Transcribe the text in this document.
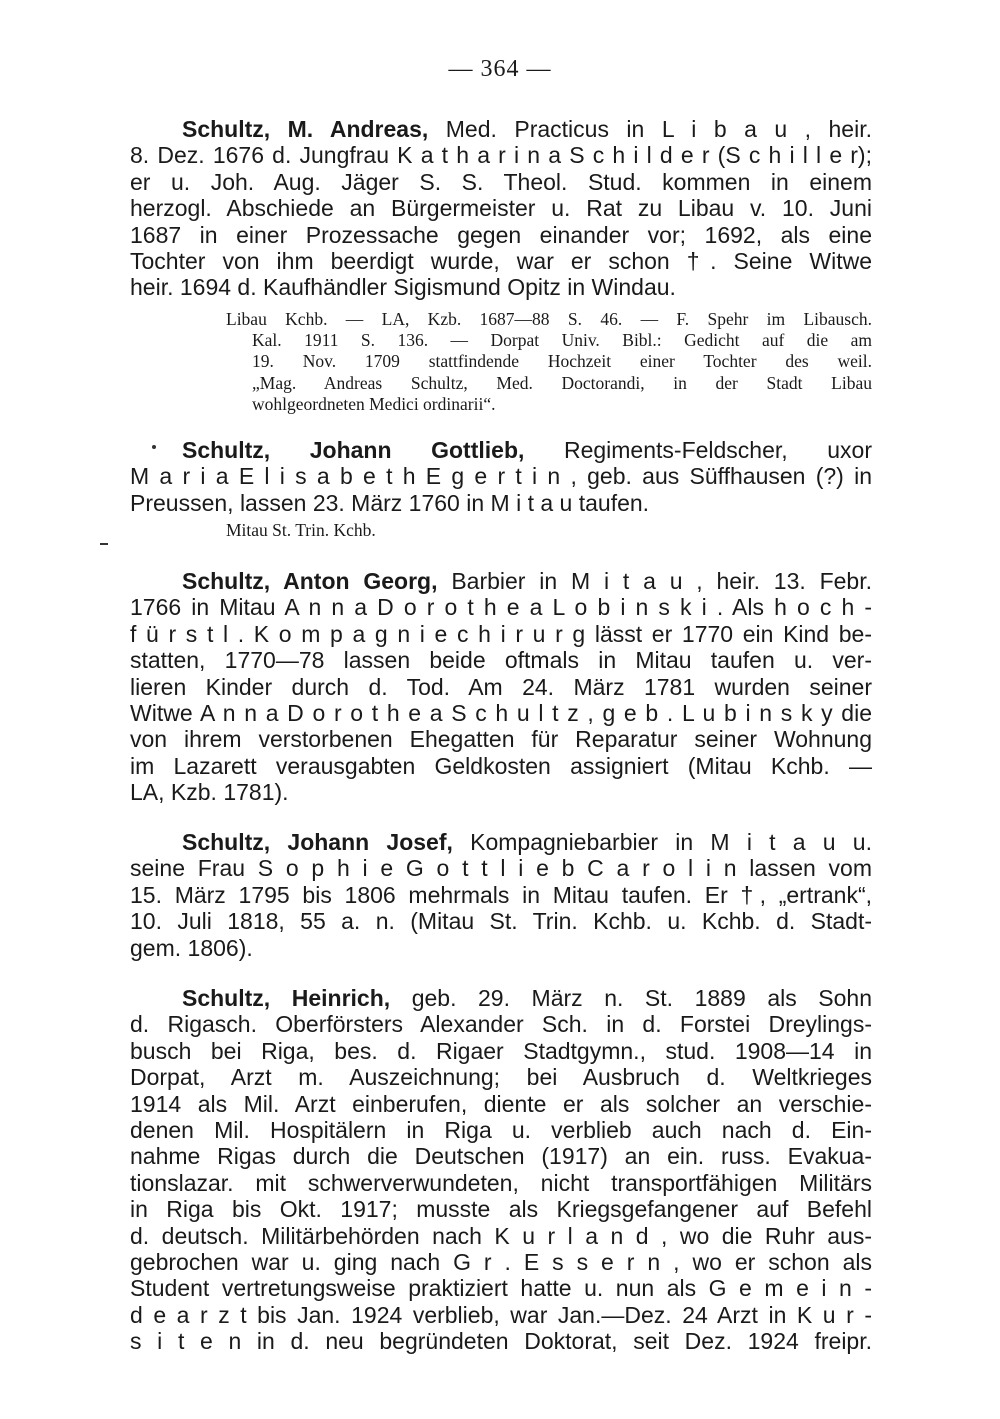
— 364 —
Schultz, M. Andreas, Med. Practicus in L i b a u , heir.
8. Dez. 1676 d. Jungfrau K a t h a r i n a S c h i l d e r (S c h i l l e r);
er u. Joh. Aug. Jäger S. S. Theol. Stud. kommen in einem
herzogl. Abschiede an Bürgermeister u. Rat zu Libau v. 10. Juni
1687 in einer Prozessache gegen einander vor; 1692, als eine
Tochter von ihm beerdigt wurde, war er schon †. Seine Witwe
heir. 1694 d. Kaufhändler Sigismund Opitz in Windau.
Libau Kchb. — LA, Kzb. 1687—88 S. 46. — F. Spehr im Libausch.
Kal. 1911 S. 136. — Dorpat Univ. Bibl.: Gedicht auf die am
19. Nov. 1709 stattfindende Hochzeit einer Tochter des weil.
„Mag. Andreas Schultz, Med. Doctorandi, in der Stadt Libau
wohlgeordneten Medici ordinarii“.
Schultz, Johann Gottlieb, Regiments-Feldscher, uxor
M a r i a E l i s a b e t h E g e r t i n , geb. aus Süffhausen (?) in
Preussen, lassen 23. März 1760 in M i t a u taufen.
Mitau St. Trin. Kchb.
Schultz, Anton Georg, Barbier in M i t a u , heir. 13. Febr.
1766 in Mitau A n n a D o r o t h e a L o b i n s k i . Als h o c h -
f ü r s t l . K o m p a g n i e c h i r u r g lässt er 1770 ein Kind be-
statten, 1770—78 lassen beide oftmals in Mitau taufen u. ver-
lieren Kinder durch d. Tod. Am 24. März 1781 wurden seiner
Witwe A n n a D o r o t h e a S c h u l t z , g e b . L u b i n s k y die
von ihrem verstorbenen Ehegatten für Reparatur seiner Wohnung
im Lazarett verausgabten Geldkosten assigniert (Mitau Kchb. —
LA, Kzb. 1781).
Schultz, Johann Josef, Kompagniebarbier in M i t a u u.
seine Frau S o p h i e G o t t l i e b C a r o l i n lassen vom
15. März 1795 bis 1806 mehrmals in Mitau taufen. Er †, „ertrank“,
10. Juli 1818, 55 a. n. (Mitau St. Trin. Kchb. u. Kchb. d. Stadt-
gem. 1806).
Schultz, Heinrich, geb. 29. März n. St. 1889 als Sohn
d. Rigasch. Oberförsters Alexander Sch. in d. Forstei Dreylings-
busch bei Riga, bes. d. Rigaer Stadtgymn., stud. 1908—14 in
Dorpat, Arzt m. Auszeichnung; bei Ausbruch d. Weltkrieges
1914 als Mil. Arzt einberufen, diente er als solcher an verschie-
denen Mil. Hospitälern in Riga u. verblieb auch nach d. Ein-
nahme Rigas durch die Deutschen (1917) an ein. russ. Evakua-
tionslazar. mit schwerverwundeten, nicht transportfähigen Militärs
in Riga bis Okt. 1917; musste als Kriegsgefangener auf Befehl
d. deutsch. Militärbehörden nach K u r l a n d , wo die Ruhr aus-
gebrochen war u. ging nach G r . E s s e r n , wo er schon als
Student vertretungsweise praktiziert hatte u. nun als G e m e i n -
d e a r z t bis Jan. 1924 verblieb, war Jan.—Dez. 24 Arzt in K u r -
s i t e n in d. neu begründeten Doktorat, seit Dez. 1924 freipr.
